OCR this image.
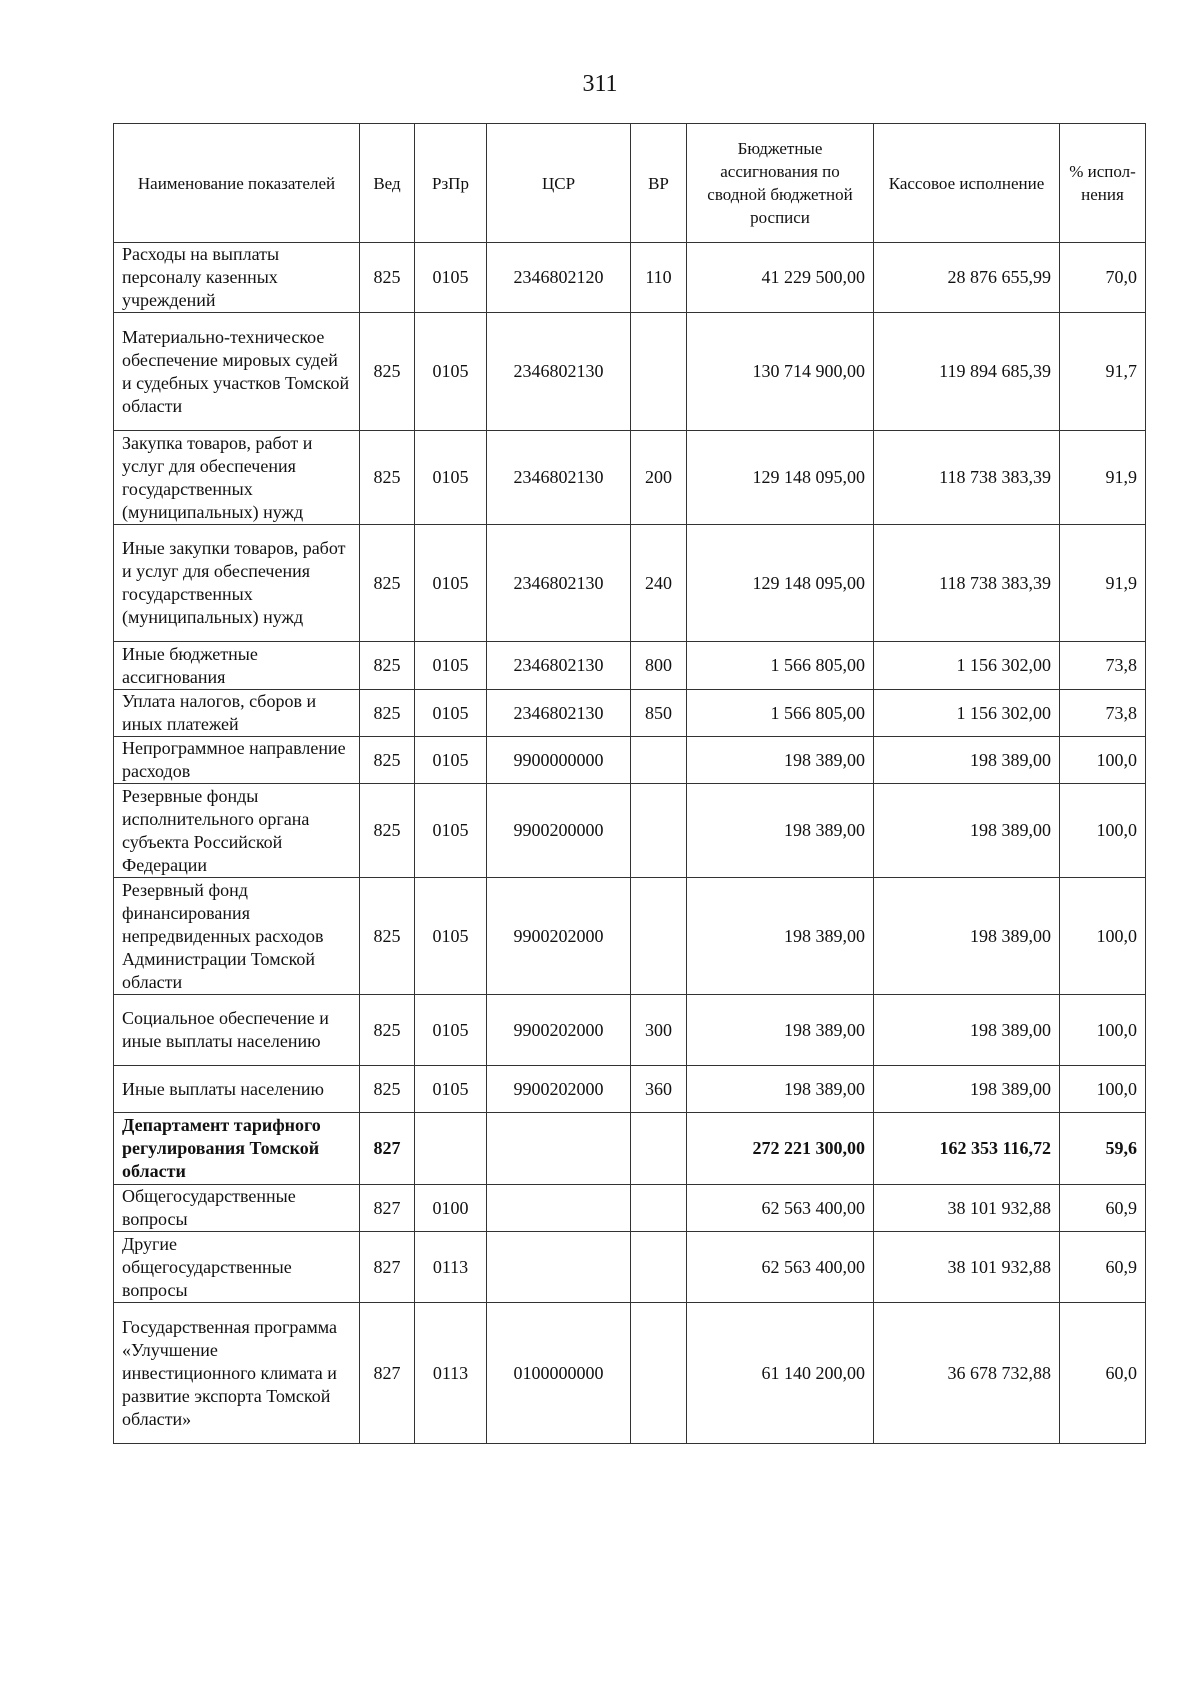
311
Наименование показателей	Вед	РзПр	ЦСР	ВР	Бюджетные ассигнования по сводной бюджетной росписи	Кассовое исполнение	% испол-нения
Расходы на выплаты персоналу казенных учреждений	825	0105	2346802120	110	41 229 500,00	28 876 655,99	70,0
Материально-техническое обеспечение мировых судей и судебных участков Томской области	825	0105	2346802130		130 714 900,00	119 894 685,39	91,7
Закупка товаров, работ и услуг для обеспечения государственных (муниципальных) нужд	825	0105	2346802130	200	129 148 095,00	118 738 383,39	91,9
Иные закупки товаров, работ и услуг для обеспечения государственных (муниципальных) нужд	825	0105	2346802130	240	129 148 095,00	118 738 383,39	91,9
Иные бюджетные ассигнования	825	0105	2346802130	800	1 566 805,00	1 156 302,00	73,8
Уплата налогов, сборов и иных платежей	825	0105	2346802130	850	1 566 805,00	1 156 302,00	73,8
Непрограммное направление расходов	825	0105	9900000000		198 389,00	198 389,00	100,0
Резервные фонды исполнительного органа субъекта Российской Федерации	825	0105	9900200000		198 389,00	198 389,00	100,0
Резервный фонд финансирования непредвиденных расходов Администрации Томской области	825	0105	9900202000		198 389,00	198 389,00	100,0
Социальное обеспечение и иные выплаты населению	825	0105	9900202000	300	198 389,00	198 389,00	100,0
Иные выплаты населению	825	0105	9900202000	360	198 389,00	198 389,00	100,0
Департамент тарифного регулирования Томской области	827				272 221 300,00	162 353 116,72	59,6
Общегосударственные вопросы	827	0100			62 563 400,00	38 101 932,88	60,9
Другие общегосударственные вопросы	827	0113			62 563 400,00	38 101 932,88	60,9
Государственная программа «Улучшение инвестиционного климата и развитие экспорта Томской области»	827	0113	0100000000		61 140 200,00	36 678 732,88	60,0
